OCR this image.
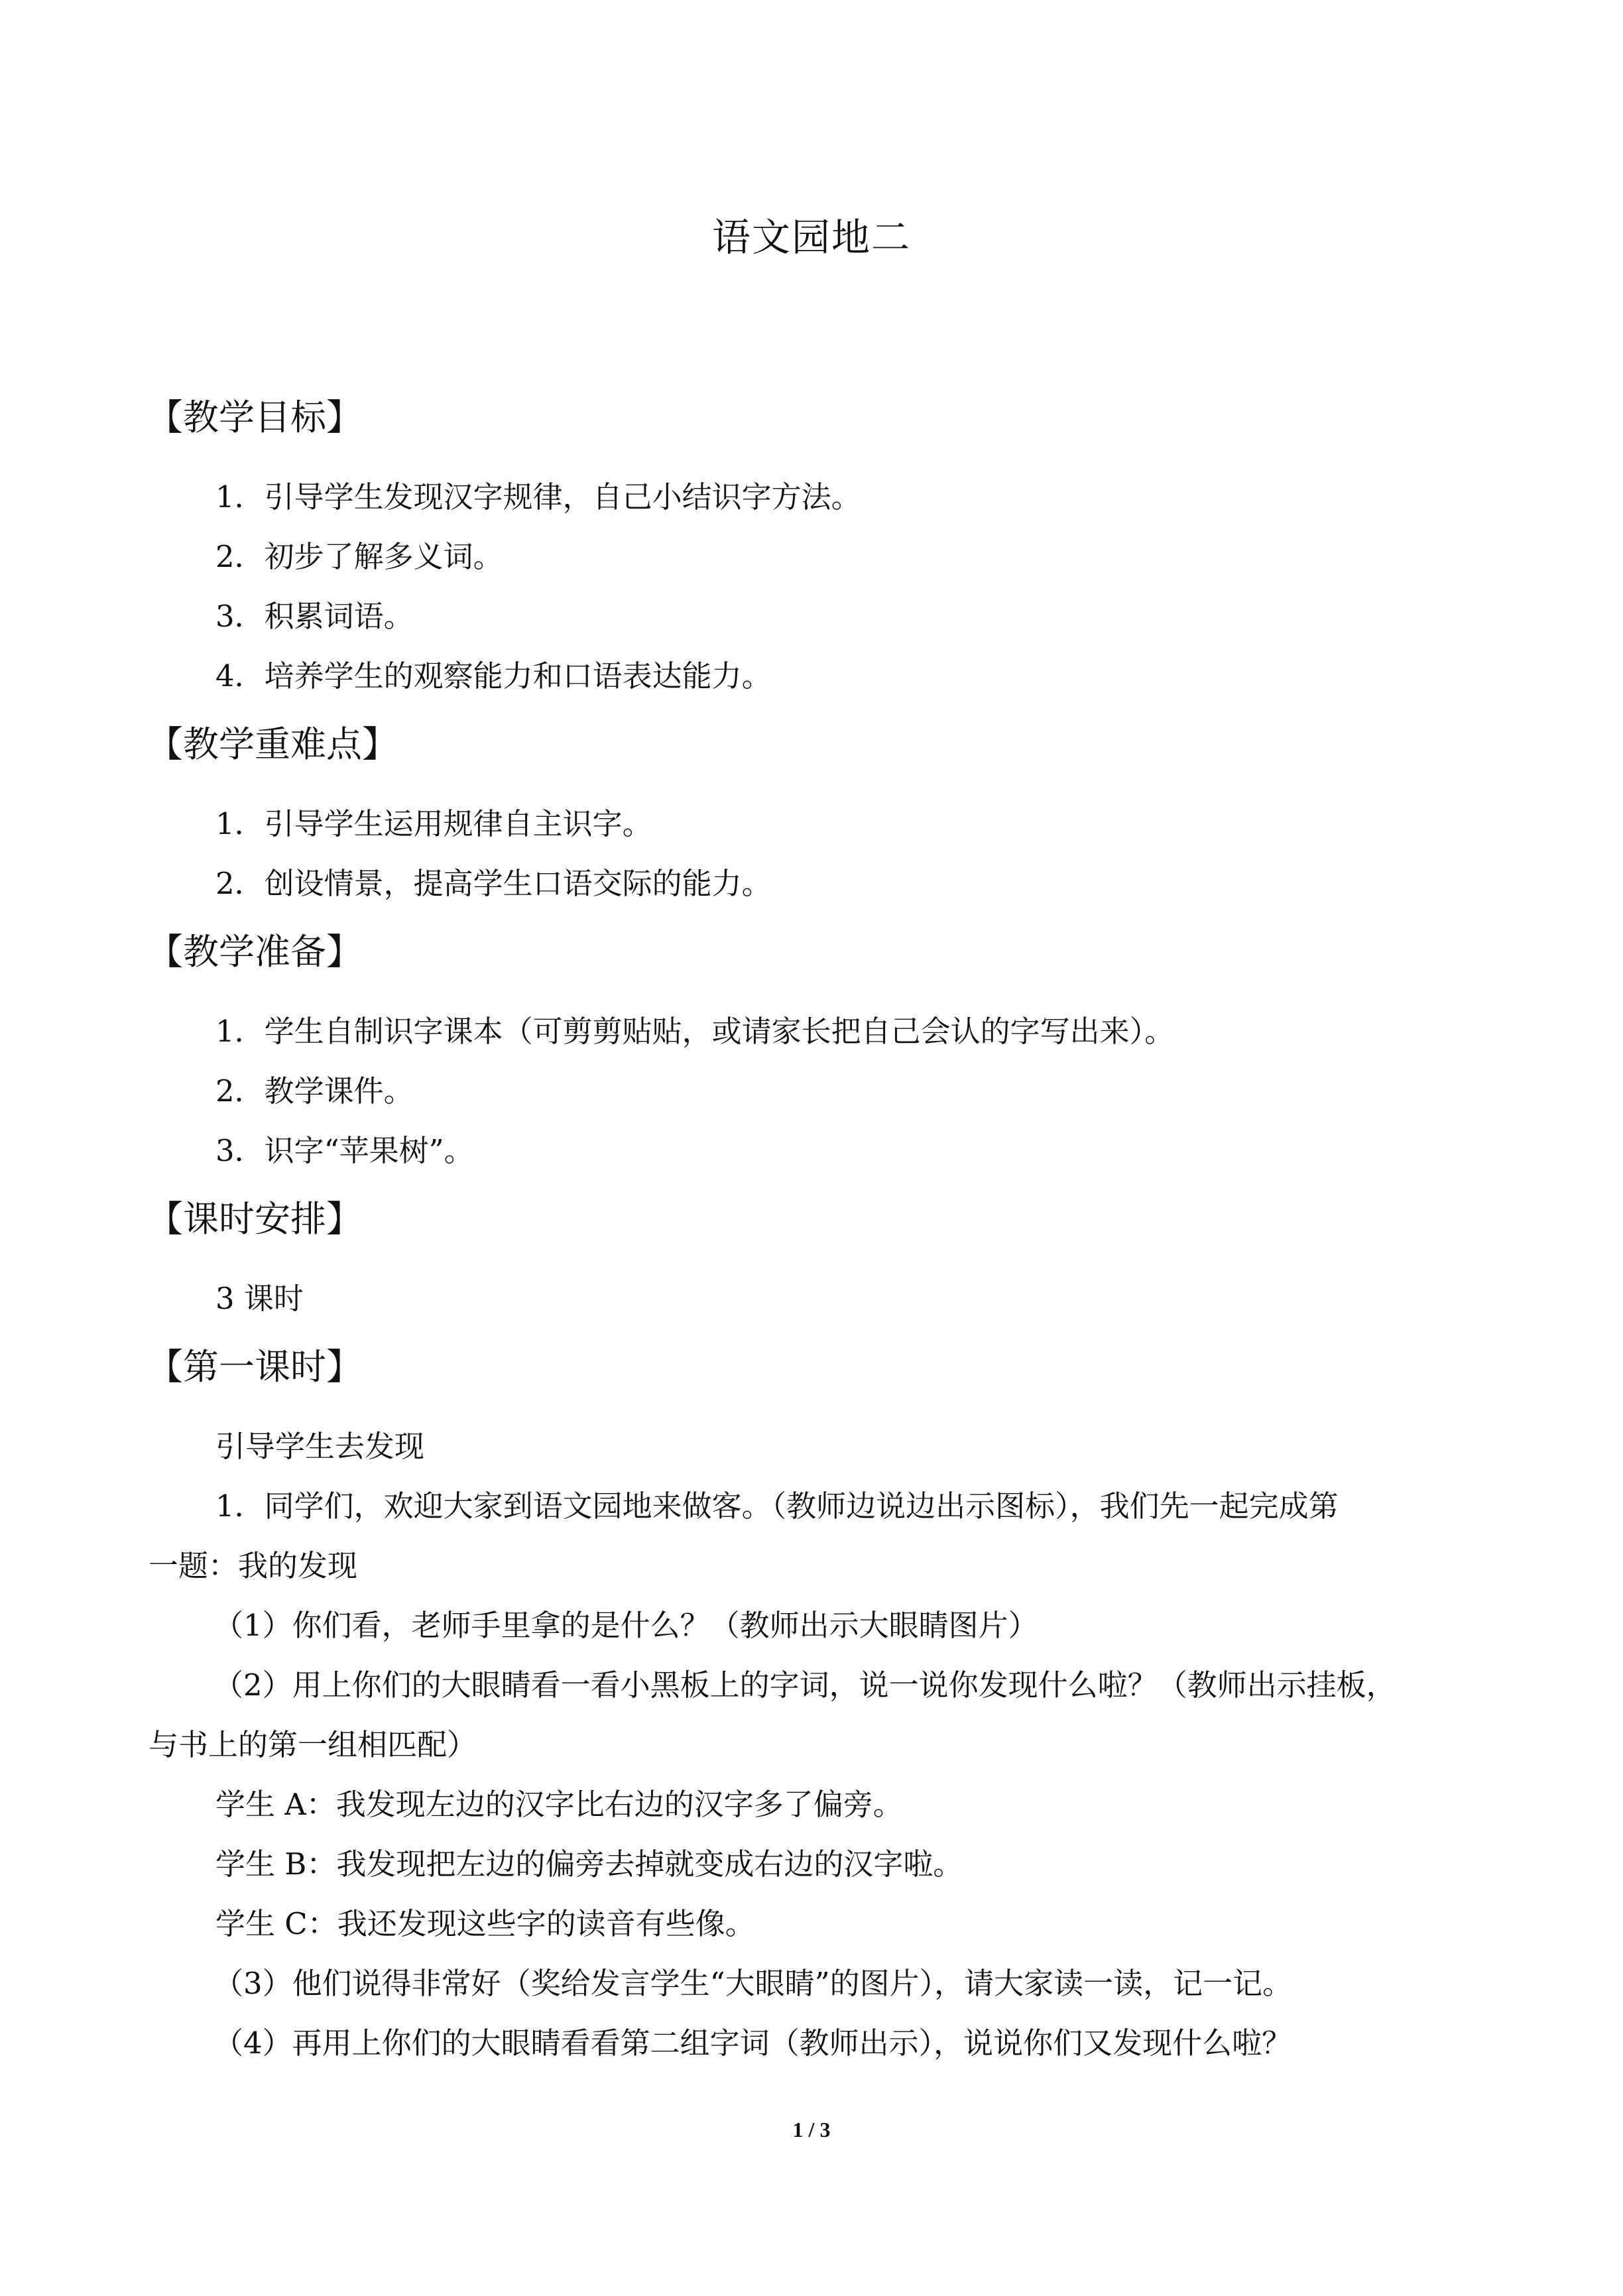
语文园地二
【教学目标】
1．引导学生发现汉字规律，自己小结识字方法。
2．初步了解多义词。
3．积累词语。
4．培养学生的观察能力和口语表达能力。
【教学重难点】
1．引导学生运用规律自主识字。
2．创设情景，提高学生口语交际的能力。
【教学准备】
1．学生自制识字课本（可剪剪贴贴，或请家长把自己会认的字写出来）。
2．教学课件。
3．识字“苹果树”。
【课时安排】
3 课时
【第一课时】
引导学生去发现
1．同学们，欢迎大家到语文园地来做客。（教师边说边出示图标），我们先一起完成第
一题：我的发现
（1）你们看，老师手里拿的是什么？（教师出示大眼睛图片）
（2）用上你们的大眼睛看一看小黑板上的字词，说一说你发现什么啦？（教师出示挂板，
与书上的第一组相匹配）
学生 A：我发现左边的汉字比右边的汉字多了偏旁。
学生 B：我发现把左边的偏旁去掉就变成右边的汉字啦。
学生 C：我还发现这些字的读音有些像。
（3）他们说得非常好（奖给发言学生“大眼睛”的图片），请大家读一读，记一记。
（4）再用上你们的大眼睛看看第二组字词（教师出示），说说你们又发现什么啦？
1 / 3
